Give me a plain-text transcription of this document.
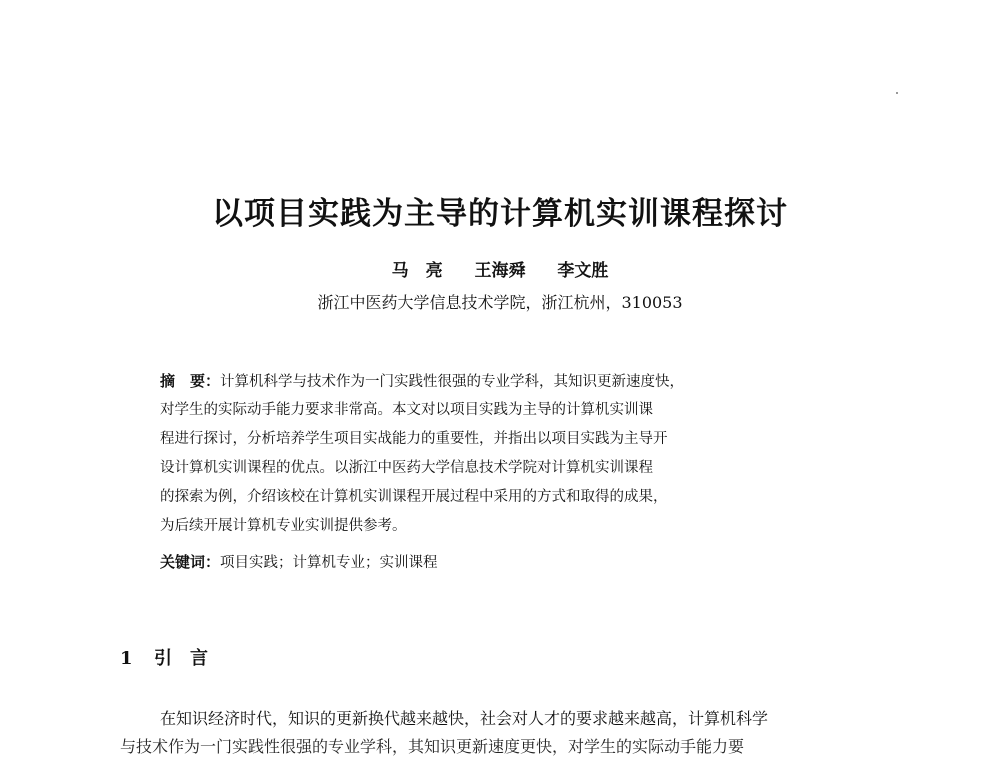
以项目实践为主导的计算机实训课程探讨
马　亮 王海舜 李文胜
浙江中医药大学信息技术学院，浙江杭州，310053
摘　要：计算机科学与技术作为一门实践性很强的专业学科，其知识更新速度快，
对学生的实际动手能力要求非常高。本文对以项目实践为主导的计算机实训课
程进行探讨，分析培养学生项目实战能力的重要性，并指出以项目实践为主导开
设计算机实训课程的优点。以浙江中医药大学信息技术学院对计算机实训课程
的探索为例，介绍该校在计算机实训课程开展过程中采用的方式和取得的成果，
为后续开展计算机专业实训提供参考。
关键词：项目实践；计算机专业；实训课程
1 引　言
在知识经济时代，知识的更新换代越来越快，社会对人才的要求越来越高，计算机科学
与技术作为一门实践性很强的专业学科，其知识更新速度更快，对学生的实际动手能力要
